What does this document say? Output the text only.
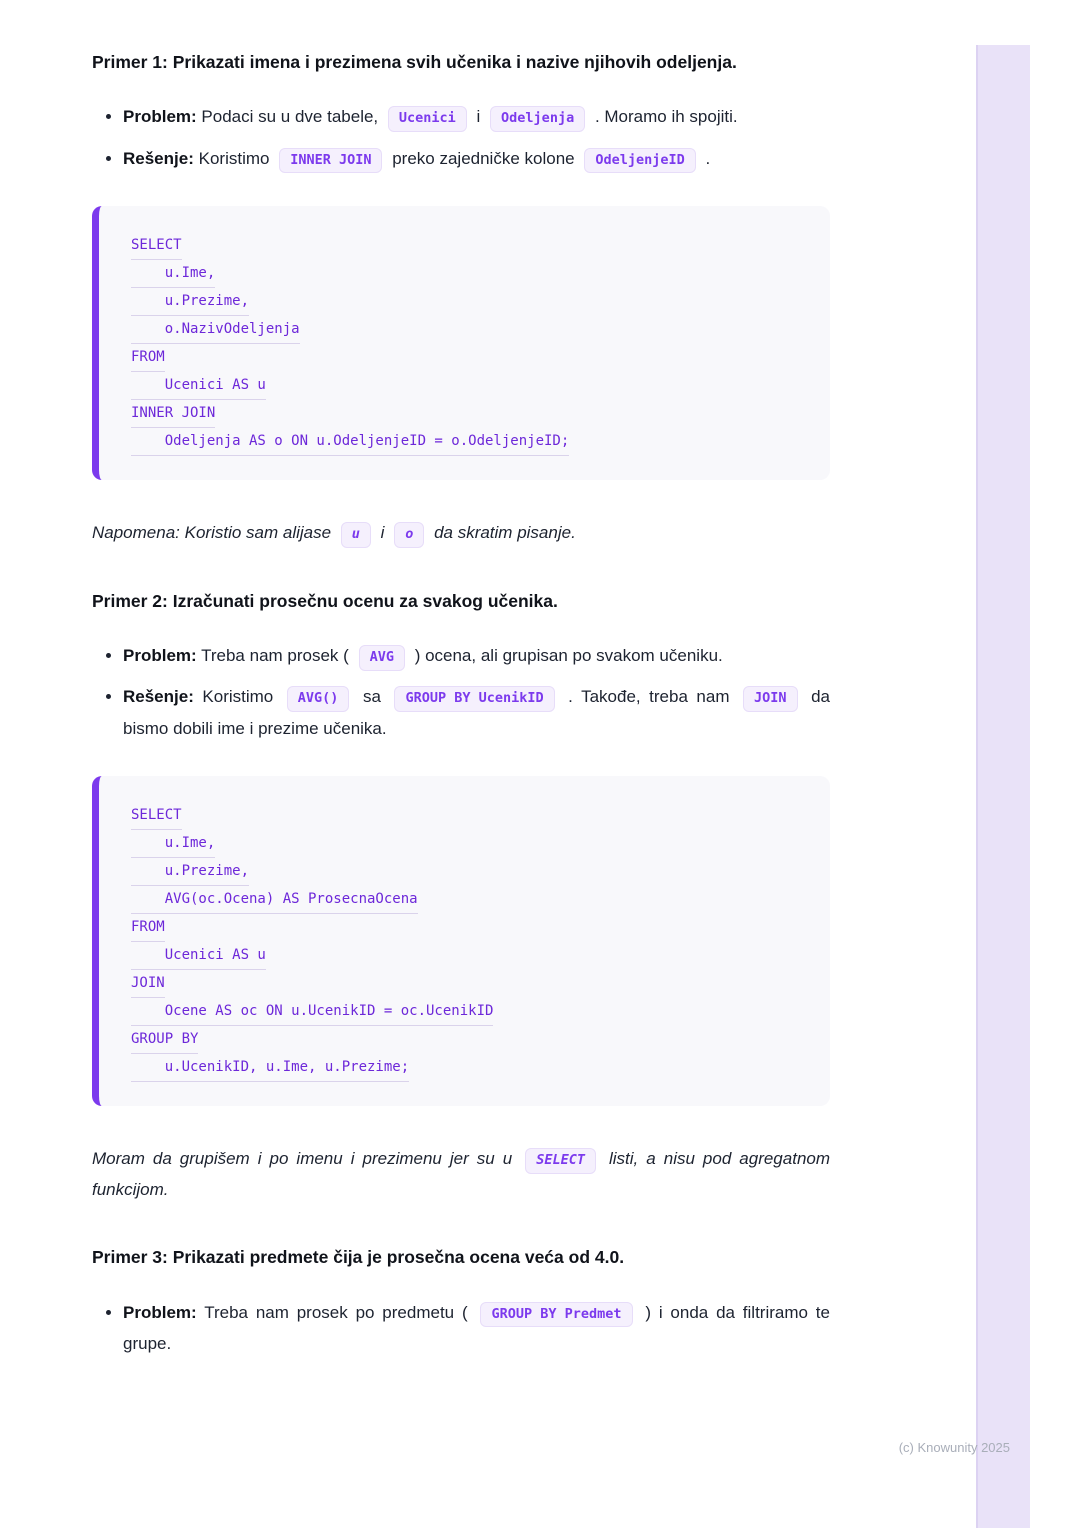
Primer 1: Prikazati imena i prezimena svih učenika i nazive njihovih odeljenja.
• Problem: Podaci su u dve tabele, Ucenici i Odeljenja . Moramo ih spojiti.
• Rešenje: Koristimo INNER JOIN preko zajedničke kolone OdeljenjeID .
SELECT
u.Ime,
u.Prezime,
o.NazivOdeljenja
FROM
Ucenici AS u
INNER JOIN
Odeljenja AS o ON u.OdeljenjeID = o.OdeljenjeID;

Napomena: Koristio sam alijase u i o da skratim pisanje.

Primer 2: Izračunati prosečnu ocenu za svakog učenika.
• Problem: Treba nam prosek ( AVG ) ocena, ali grupisan po svakom učeniku.
• Rešenje: Koristimo AVG() sa GROUP BY UcenikID . Takođe, treba nam JOIN da bismo dobili ime i prezime učenika.
SELECT
u.Ime,
u.Prezime,
AVG(oc.Ocena) AS ProsecnaOcena
FROM
Ucenici AS u
JOIN
Ocene AS oc ON u.UcenikID = oc.UcenikID
GROUP BY
u.UcenikID, u.Ime, u.Prezime;

Moram da grupišem i po imenu i prezimenu jer su u SELECT listi, a nisu pod agregatnom funkcijom.

Primer 3: Prikazati predmete čija je prosečna ocena veća od 4.0.
• Problem: Treba nam prosek po predmetu ( GROUP BY Predmet ) i onda da filtriramo te grupe.
(c) Knowunity 2025
